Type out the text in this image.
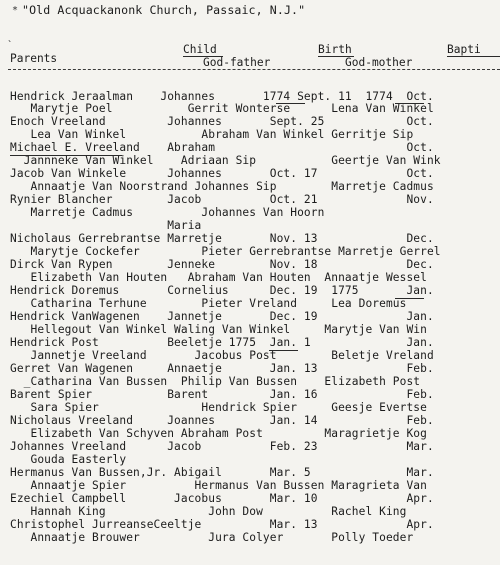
"Old Acquackanonk Church, Passaic, N.J."
*
`
Parents
Child
God-father
Birth
God-mother
Bapti
Hendrick Jeraalman    Johannes       1774 Sept. 11  1774  Oct.
Marytje Poel           Gerrit Wonterse      Lena Van Winkel
Enoch Vreeland         Johannes       Sept. 25            Oct.
Lea Van Winkel           Abraham Van Winkel Gerritje Sip
Michael E. Vreeland    Abraham                            Oct.
Jannneke Van Winkel    Adriaan Sip           Geertje Van Wink
Jacob Van Winkele      Johannes       Oct. 17             Oct.
Annaatje Van Noorstrand Johannes Sip        Marretje Cadmus
Rynier Blancher        Jacob          Oct. 21             Nov.
Marretje Cadmus          Johannes Van Hoorn
Maria
Nicholaus Gerrebrantse Marretje       Nov. 13             Dec.
Marytje Cockefer         Pieter Gerrebrantse Marretje Gerrel
Dirck Van Rypen        Jenneke        Nov. 18             Dec.
Elizabeth Van Houten   Abraham Van Houten  Annaatje Wessel
Hendrick Doremus       Cornelius      Dec. 19  1775       Jan.
Catharina Terhune        Pieter Vreland     Lea Doremus
Hendrick VanWagenen    Jannetje       Dec. 19             Jan.
Hellegout Van Winkel Waling Van Winkel     Marytje Van Win
Hendrick Post          Beeletje 1775  Jan. 1              Jan.
Jannetje Vreeland       Jacobus Post        Beletje Vreland
Gerret Van Wagenen     Annaetje       Jan. 13             Feb.
_Catharina Van Bussen  Philip Van Bussen    Elizabeth Post
Barent Spier           Barent         Jan. 16             Feb.
Sara Spier               Hendrick Spier     Geesje Evertse
Nicholaus Vreeland     Joannes        Jan. 14             Feb.
Elizabeth Van Schyven Abraham Post         Maragrietje Kog
Johannes Vreeland      Jacob          Feb. 23             Mar.
Gouda Easterly
Hermanus Van Bussen,Jr. Abigail       Mar. 5              Mar.
Annaatje Spier          Hermanus Van Bussen Maragrieta Van
Ezechiel Campbell       Jacobus       Mar. 10             Apr.
Hannah King               John Dow          Rachel King
Christophel JurreanseCeeltje          Mar. 13             Apr.
Annaatje Brouwer          Jura Colyer       Polly Toeder
